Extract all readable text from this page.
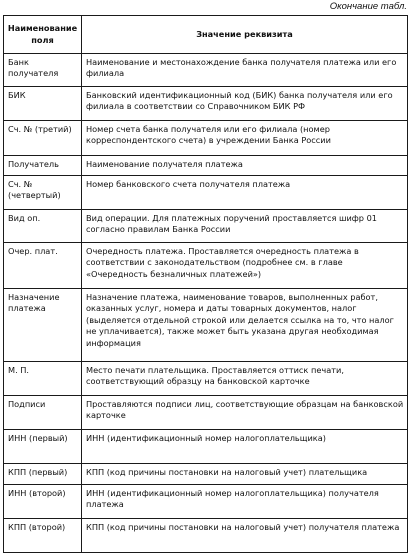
Окончание табл.
Наименование поля	Значение реквизита
Банк получателя	Наименование и местонахождение банка получателя платежа или его филиала
БИК	Банковский идентификационный код (БИК) банка получателя или его филиала в соответствии со Справочником БИК РФ
Сч. № (третий)	Номер счета банка получателя или его филиала (номер корреспондентского счета) в учреждении Банка России
Получатель	Наименование получателя платежа
Сч. № (четвертый)	Номер банковского счета получателя платежа
Вид оп.	Вид операции. Для платежных поручений проставляется шифр 01 согласно правилам Банка России
Очер. плат.	Очередность платежа. Проставляется очередность платежа в соответствии с законодательством (подробнее см. в главе «Очередность безналичных платежей»)
Назначение платежа	Назначение платежа, наименование товаров, выполненных работ, оказанных услуг, номера и даты товарных документов, налог (выделяется отдельной строкой или делается ссылка на то, что налог не уплачивается), также может быть указана другая необходимая информация
М. П.	Место печати плательщика. Проставляется оттиск печати, соответствующий образцу на банковской карточке
Подписи	Проставляются подписи лиц, соответствующие образцам на банковской карточке
ИНН (первый)	ИНН (идентификационный номер налогоплательщика)
КПП (первый)	КПП (код причины постановки на налоговый учет) плательщика
ИНН (второй)	ИНН (идентификационный номер налогоплательщика) получателя платежа
КПП (второй)	КПП (код причины постановки на налоговый учет) получателя платежа
